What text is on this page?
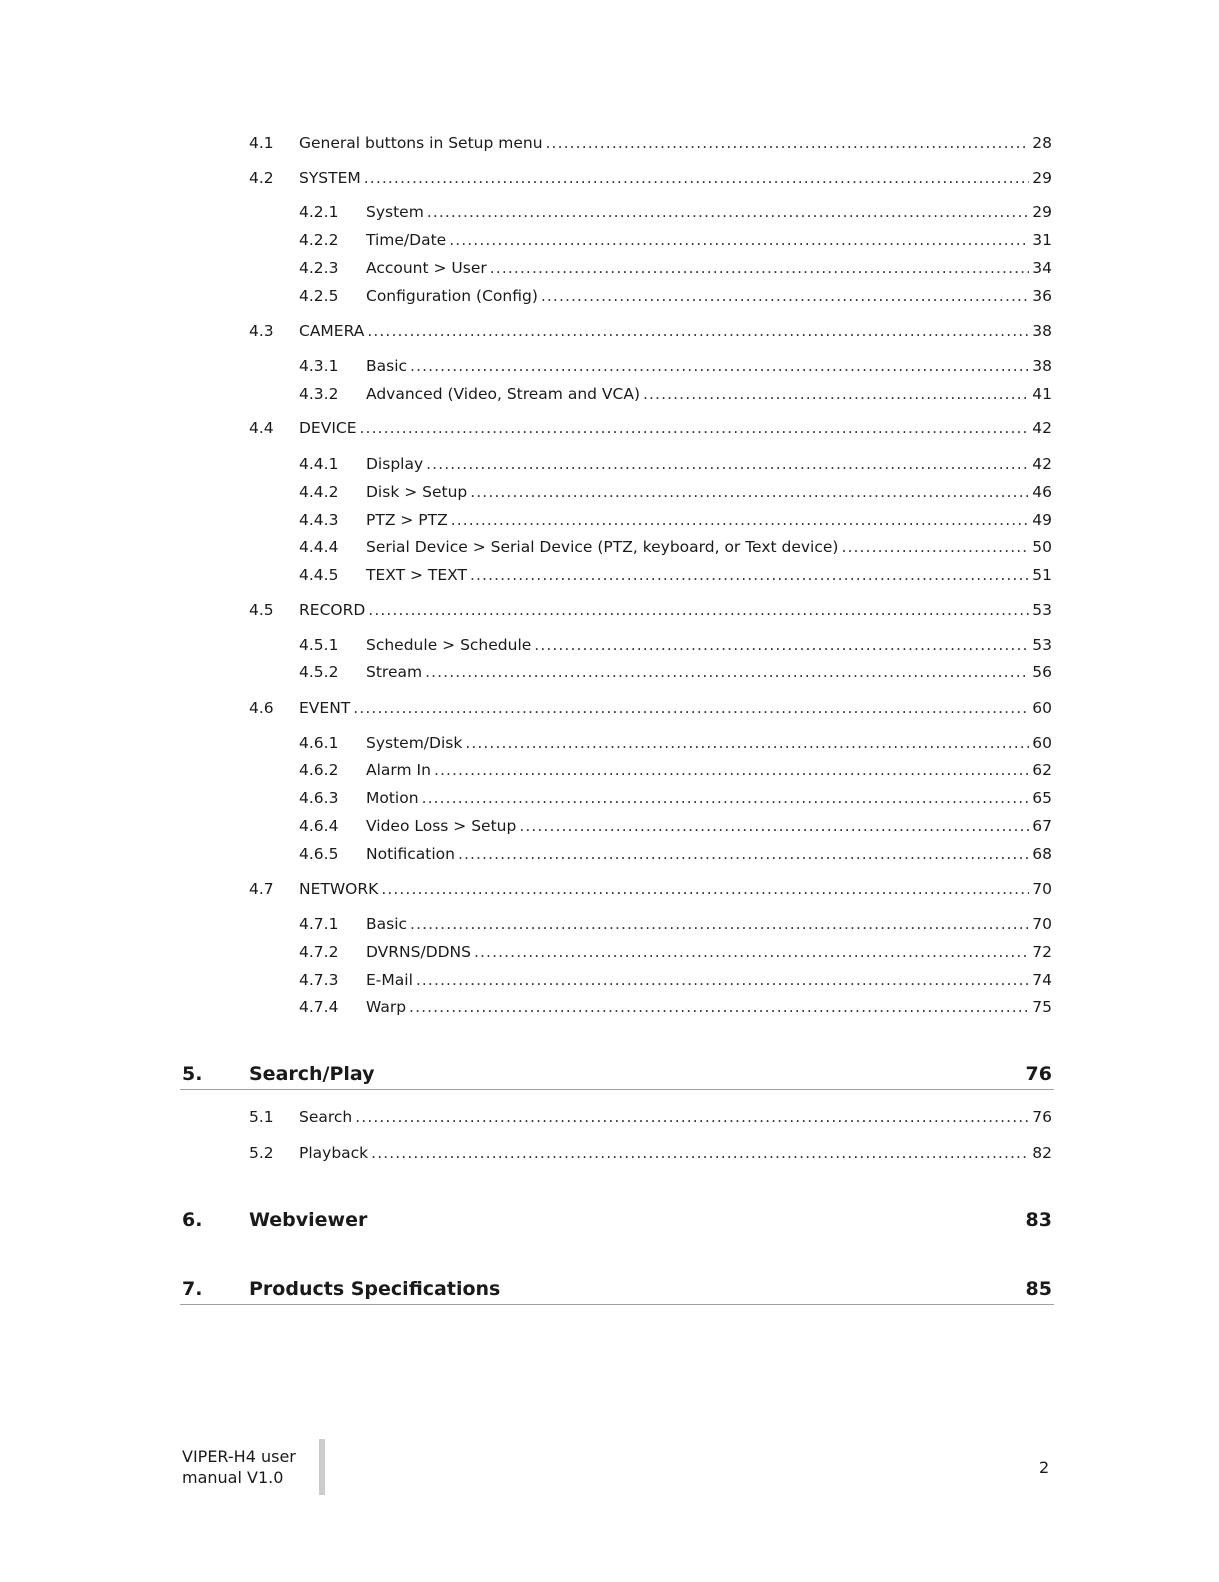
4.1 General buttons in Setup menu .....	28
4.2 SYSTEM .....	29
4.2.1 System .....	29
4.2.2 Time/Date .....	31
4.2.3 Account > User .....	34
4.2.5 Configuration (Config) .....	36
4.3 CAMERA .....	38
4.3.1 Basic .....	38
4.3.2 Advanced (Video, Stream and VCA) .....	41
4.4 DEVICE .....	42
4.4.1 Display .....	42
4.4.2 Disk > Setup .....	46
4.4.3 PTZ > PTZ .....	49
4.4.4 Serial Device > Serial Device (PTZ, keyboard, or Text device) .....	50
4.4.5 TEXT > TEXT .....	51
4.5 RECORD .....	53
4.5.1 Schedule > Schedule .....	53
4.5.2 Stream .....	56
4.6 EVENT .....	60
4.6.1 System/Disk .....	60
4.6.2 Alarm In .....	62
4.6.3 Motion .....	65
4.6.4 Video Loss > Setup .....	67
4.6.5 Notification .....	68
4.7 NETWORK .....	70
4.7.1 Basic .....	70
4.7.2 DVRNS/DDNS .....	72
4.7.3 E-Mail .....	74
4.7.4 Warp .....	75
5. Search/Play	76
5.1 Search .....	76
5.2 Playback .....	82
6. Webviewer	83
7. Products Specifications	85
VIPER-H4 user
manual V1.0
2
